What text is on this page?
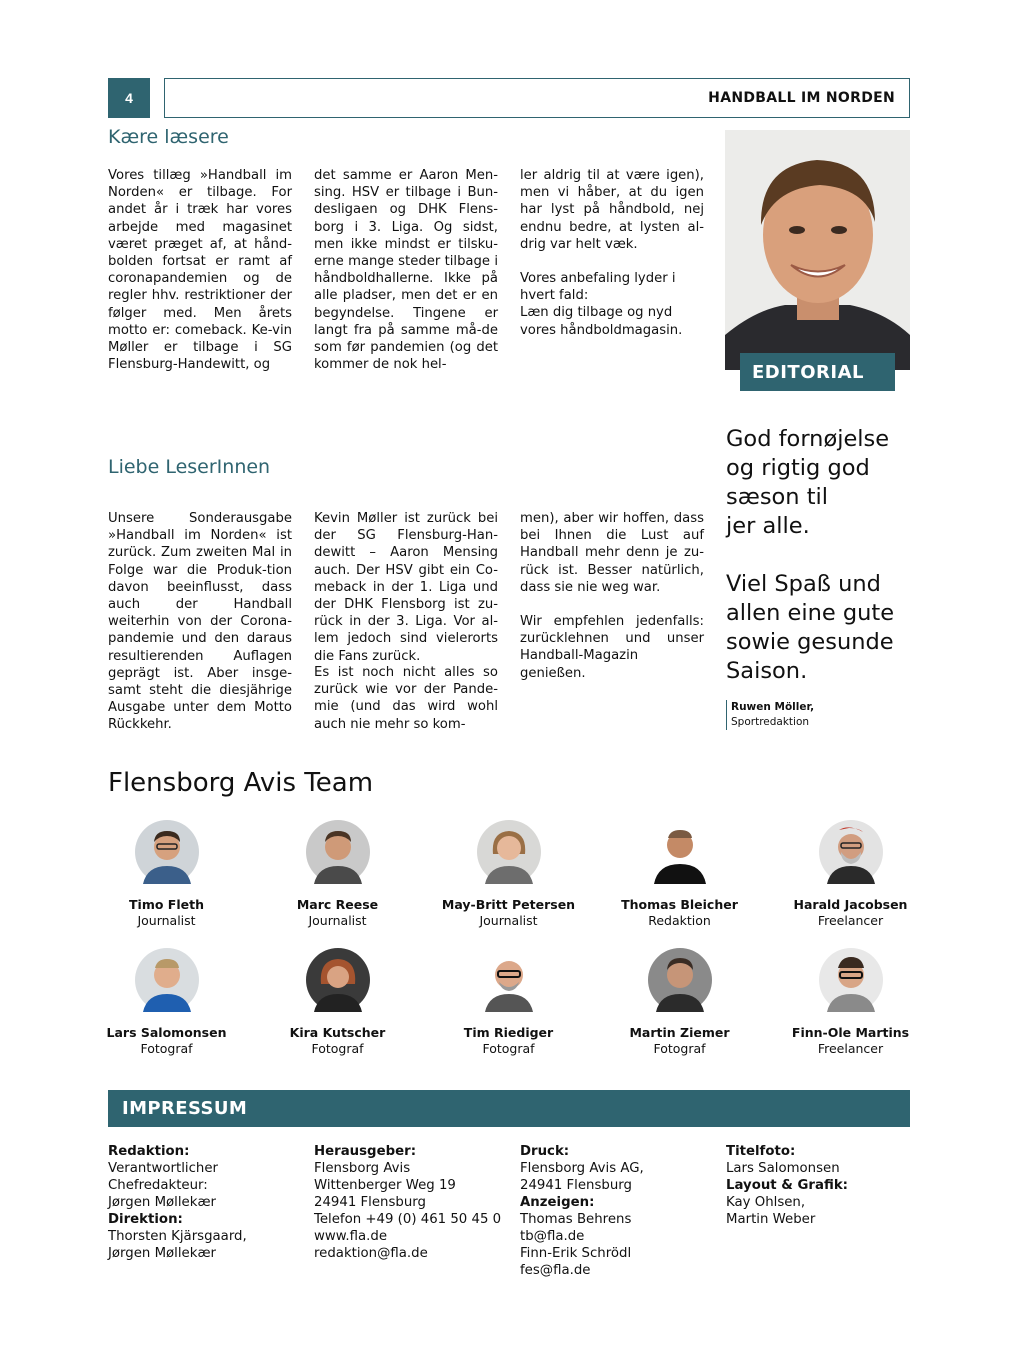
4	HANDBALL IM NORDEN
Kære læsere
Vores tillæg »Handball im Norden« er tilbage. For andet år i træk har vores arbejde med magasinet været præget af, at hånd-bolden fortsat er ramt af coronapandemien og de regler hhv. restriktioner der følger med. Men årets motto er: comeback. Ke-vin Møller er tilbage i SG Flensburg-Handewitt, og
det samme er Aaron Men-sing. HSV er tilbage i Bun-desligaen og DHK Flens-borg i 3. Liga. Og sidst, men ikke mindst er tilsku-erne mange steder tilbage i håndboldhallerne. Ikke på alle pladser, men det er en begyndelse. Tingene er langt fra på samme må-de som før pandemien (og det kommer de nok hel-
ler aldrig til at være igen), men vi håber, at du igen har lyst på håndbold, nej endnu bedre, at lysten al-drig var helt væk.
Vores anbefaling lyder i hvert fald:
Læn dig tilbage og nyd vores håndboldmagasin.
EDITORIAL
Liebe LeserInnen
Unsere Sonderausgabe »Handball im Norden« ist zurück. Zum zweiten Mal in Folge war die Produk-tion davon beeinflusst, dass auch der Handball weiterhin von der Corona-pandemie und den daraus resultierenden Auflagen geprägt ist. Aber insge-samt steht die diesjährige Ausgabe unter dem Motto Rückkehr.
Kevin Møller ist zurück bei der SG Flensburg-Han-dewitt – Aaron Mensing auch. Der HSV gibt ein Co-meback in der 1. Liga und der DHK Flensborg ist zu-rück in der 3. Liga. Vor al-lem jedoch sind vielerorts die Fans zurück.
Es ist noch nicht alles so zurück wie vor der Pande-mie (und das wird wohl auch nie mehr so kom-
men), aber wir hoffen, dass bei Ihnen die Lust auf Handball mehr denn je zu-rück ist. Besser natürlich, dass sie nie weg war.
Wir empfehlen jedenfalls: zurücklehnen und unser Handball-Magazin genießen.
God fornøjelse
og rigtig god
sæson til
jer alle.
Viel Spaß und
allen eine gute
sowie gesunde
Saison.
Ruwen Möller,
Sportredaktion
Flensborg Avis Team
Timo Fleth
Journalist
Marc Reese
Journalist
May-Britt Petersen
Journalist
Thomas Bleicher
Redaktion
Harald Jacobsen
Freelancer
Lars Salomonsen
Fotograf
Kira Kutscher
Fotograf
Tim Riediger
Fotograf
Martin Ziemer
Fotograf
Finn-Ole Martins
Freelancer
IMPRESSUM
Redaktion:
Verantwortlicher
Chefredakteur:
Jørgen Møllekær
Direktion:
Thorsten Kjärsgaard,
Jørgen Møllekær
Herausgeber:
Flensborg Avis
Wittenberger Weg 19
24941 Flensburg
Telefon +49 (0) 461 50 45 0
www.fla.de
redaktion@fla.de
Druck:
Flensborg Avis AG,
24941 Flensburg
Anzeigen:
Thomas Behrens
tb@fla.de
Finn-Erik Schrödl
fes@fla.de
Titelfoto:
Lars Salomonsen
Layout & Grafik:
Kay Ohlsen,
Martin Weber
